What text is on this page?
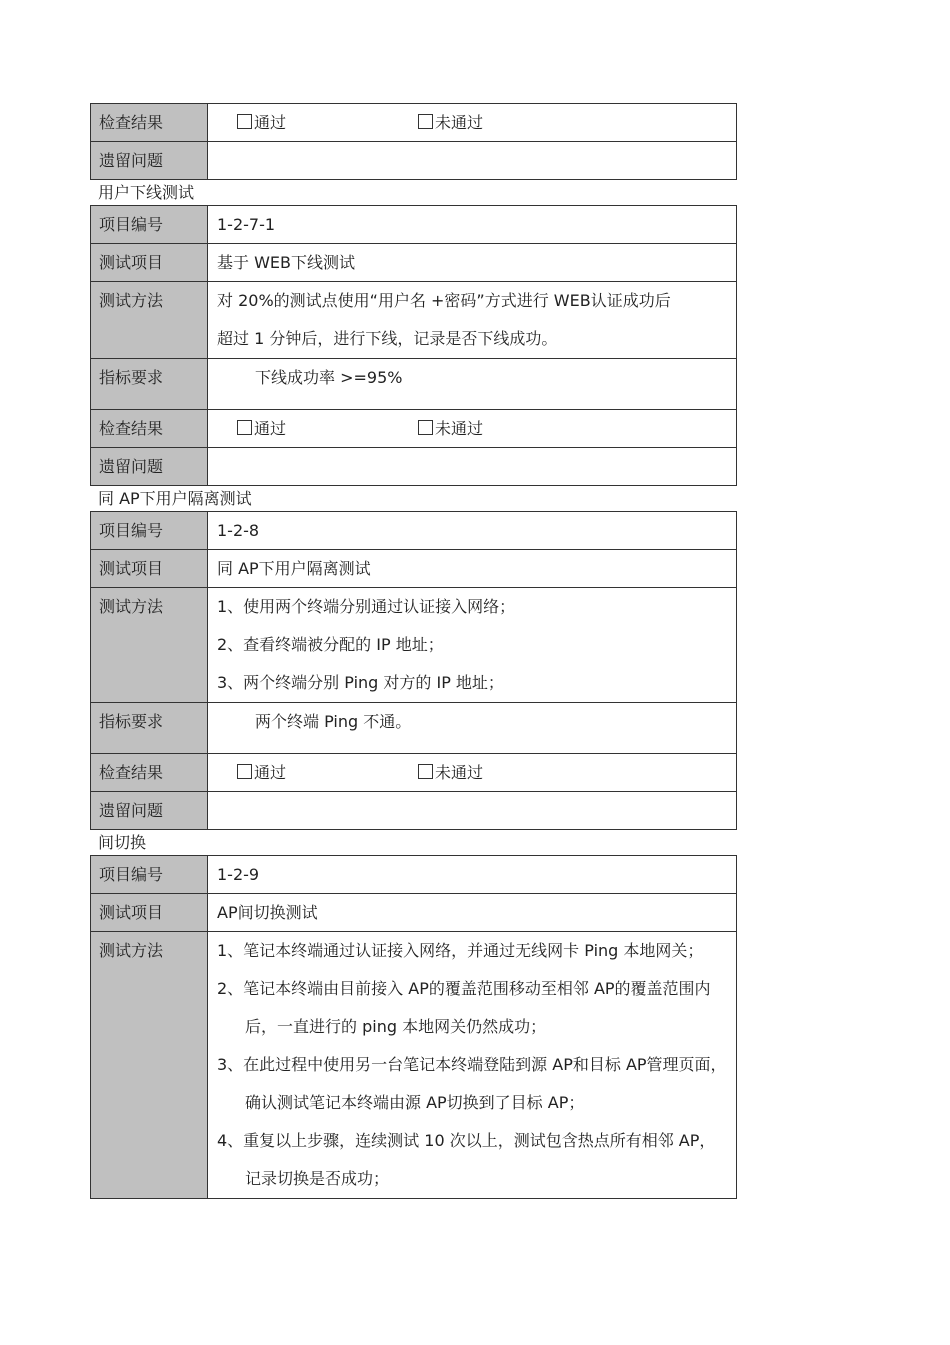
检查结果	通过 未通过

遗留问题	
用户下线测试
项目编号	1-2-7-1
测试项目	基于 WEB下线测试
测试方法	对 20%的测试点使用“用户名 +密码”方式进行 WEB认证成功后
超过 1 分钟后，进行下线，记录是否下线成功。

指标要求	下线成功率 >=95%

检查结果	通过 未通过

遗留问题	
同 AP下用户隔离测试
项目编号	1-2-8
测试项目	同 AP下用户隔离测试
测试方法	1、使用两个终端分别通过认证接入网络；
2、查看终端被分配的 IP 地址；
3、两个终端分别 Ping 对方的 IP 地址；

指标要求	两个终端 Ping 不通。

检查结果	通过 未通过

遗留问题	
间切换
项目编号	1-2-9
测试项目	AP间切换测试
测试方法	1、笔记本终端通过认证接入网络，并通过无线网卡 Ping 本地网关；
2、笔记本终端由目前接入 AP的覆盖范围移动至相邻 AP的覆盖范围内后，一直进行的 ping 本地网关仍然成功；
3、在此过程中使用另一台笔记本终端登陆到源 AP和目标 AP管理页面，确认测试笔记本终端由源 AP切换到了目标 AP；
4、重复以上步骤，连续测试 10 次以上，测试包含热点所有相邻 AP，记录切换是否成功；
